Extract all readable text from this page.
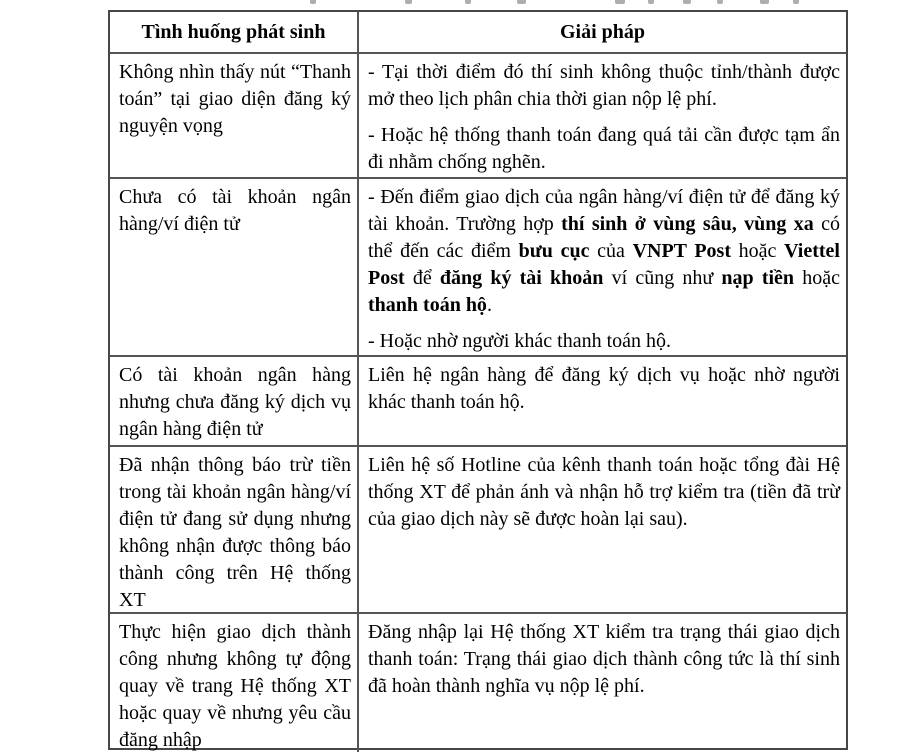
Tình huống phát sinh	Giải pháp
Không nhìn thấy nút “Thanh toán” tại giao diện đăng ký nguyện vọng

- Tại thời điểm đó thí sinh không thuộc tỉnh/thành được mở theo lịch phân chia thời gian nộp lệ phí.

- Hoặc hệ thống thanh toán đang quá tải cần được tạm ẩn đi nhằm chống nghẽn.

Chưa có tài khoản ngân hàng/ví điện tử

- Đến điểm giao dịch của ngân hàng/ví điện tử để đăng ký tài khoản. Trường hợp thí sinh ở vùng sâu, vùng xa có thể đến các điểm bưu cục của VNPT Post hoặc Viettel Post để đăng ký tài khoản ví cũng như nạp tiền hoặc thanh toán hộ.

- Hoặc nhờ người khác thanh toán hộ.

Có tài khoản ngân hàng nhưng chưa đăng ký dịch vụ ngân hàng điện tử

Liên hệ ngân hàng để đăng ký dịch vụ hoặc nhờ người khác thanh toán hộ.

Đã nhận thông báo trừ tiền trong tài khoản ngân hàng/ví điện tử đang sử dụng nhưng không nhận được thông báo thành công trên Hệ thống XT

Liên hệ số Hotline của kênh thanh toán hoặc tổng đài Hệ thống XT để phản ánh và nhận hỗ trợ kiểm tra (tiền đã trừ của giao dịch này sẽ được hoàn lại sau).

Thực hiện giao dịch thành công nhưng không tự động quay về trang Hệ thống XT hoặc quay về nhưng yêu cầu đăng nhập

Đăng nhập lại Hệ thống XT kiểm tra trạng thái giao dịch thanh toán: Trạng thái giao dịch thành công tức là thí sinh đã hoàn thành nghĩa vụ nộp lệ phí.
